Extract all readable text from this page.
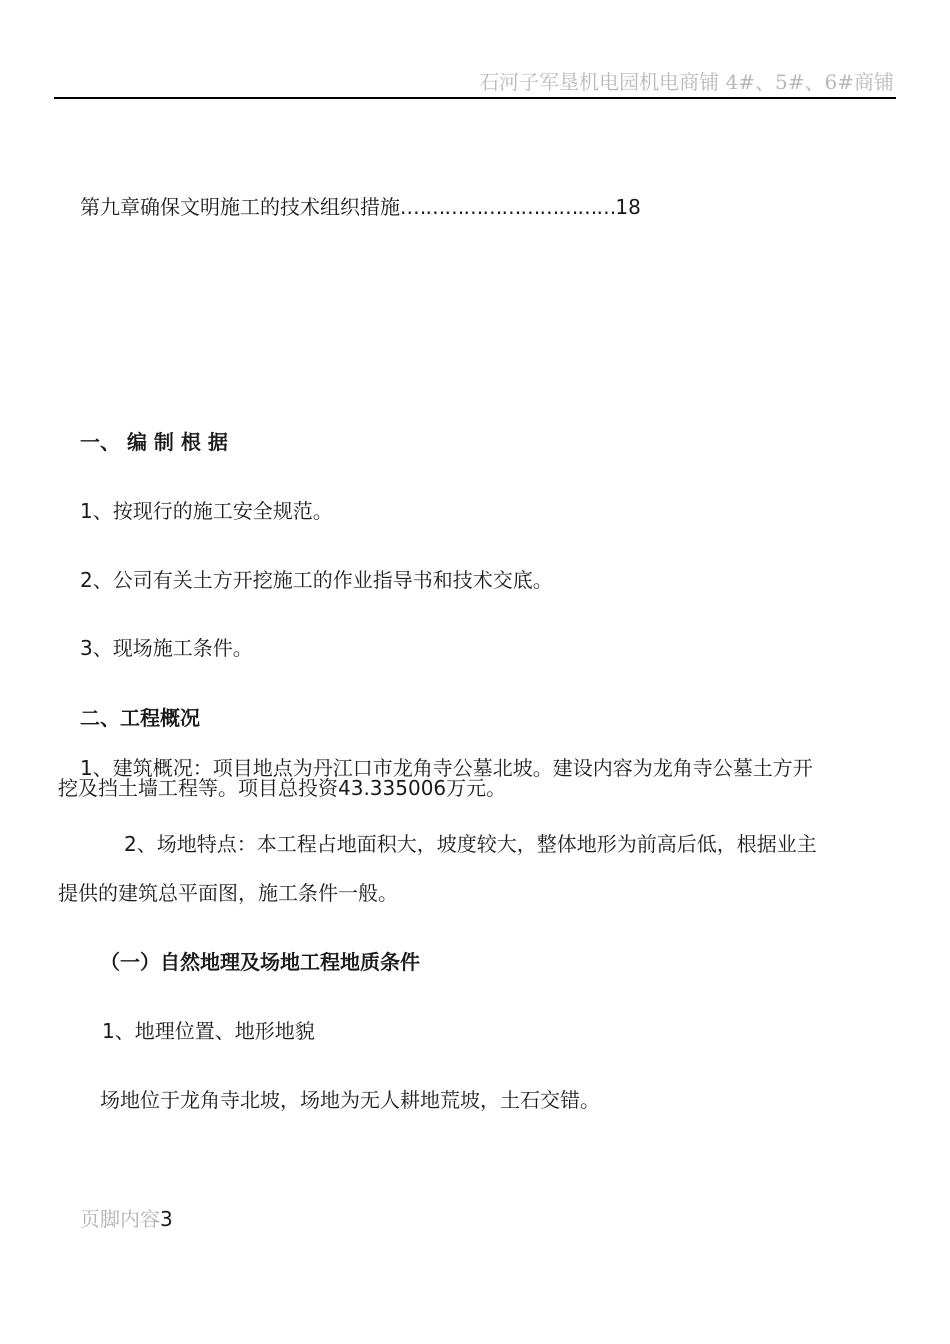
石河子军垦机电园机电商铺 4#、5#、6#商铺
第九章确保文明施工的技术组织措施.……………………………18
一、 编 制 根 据
1、按现行的施工安全规范。
2、公司有关土方开挖施工的作业指导书和技术交底。
3、现场施工条件。
二、工程概况
1、建筑概况：项目地点为丹江口市龙角寺公墓北坡。建设内容为龙角寺公墓土方开
挖及挡土墙工程等。项目总投资43.335006万元。
2、场地特点：本工程占地面积大，坡度较大，整体地形为前高后低，根据业主
提供的建筑总平面图，施工条件一般。
（一）自然地理及场地工程地质条件
1、地理位置、地形地貌
场地位于龙角寺北坡，场地为无人耕地荒坡，土石交错。
页脚内容3
